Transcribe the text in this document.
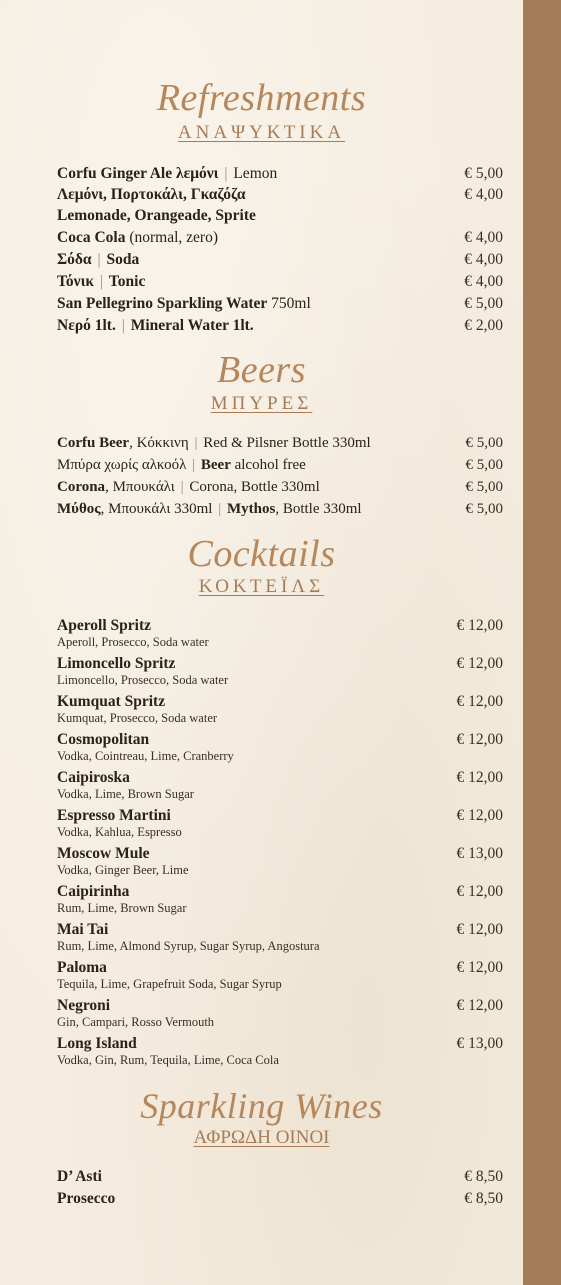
Refreshments
ΑΝΑΨΥΚΤΙΚΑ
Corfu Ginger Ale λεμόνι | Lemon	€ 5,00
Λεμόνι, Πορτοκάλι, Γκαζόζα	€ 4,00
Lemonade, Orangeade, Sprite
Coca Cola (normal, zero)	€ 4,00
Σόδα | Soda	€ 4,00
Τόνικ | Tonic	€ 4,00
San Pellegrino Sparkling Water 750ml	€ 5,00
Νερό 1lt. | Mineral Water 1lt.	€ 2,00
Beers
ΜΠΥΡΕΣ
Corfu Beer, Κόκκινη | Red & Pilsner Bottle 330ml	€ 5,00
Μπύρα χωρίς αλκοόλ | Beer alcohol free	€ 5,00
Corona, Μπουκάλι | Corona, Bottle 330ml	€ 5,00
Μύθος, Μπουκάλι 330ml | Mythos, Bottle 330ml	€ 5,00
Cocktails
ΚΟΚΤΕΪΛΣ
Aperoll Spritz	€ 12,00
Aperoll, Prosecco, Soda water
Limoncello Spritz	€ 12,00
Limoncello, Prosecco, Soda water
Kumquat Spritz	€ 12,00
Kumquat, Prosecco, Soda water
Cosmopolitan	€ 12,00
Vodka, Cointreau, Lime, Cranberry
Caipiroska	€ 12,00
Vodka, Lime, Brown Sugar
Espresso Martini	€ 12,00
Vodka, Kahlua, Espresso
Moscow Mule	€ 13,00
Vodka, Ginger Beer, Lime
Caipirinha	€ 12,00
Rum, Lime, Brown Sugar
Mai Tai	€ 12,00
Rum, Lime, Almond Syrup, Sugar Syrup, Angostura
Paloma	€ 12,00
Tequila, Lime, Grapefruit Soda, Sugar Syrup
Negroni	€ 12,00
Gin, Campari, Rosso Vermouth
Long Island	€ 13,00
Vodka, Gin, Rum, Tequila, Lime, Coca Cola
Sparkling Wines
ΑΦΡΩΔΗ ΟΙΝΟΙ
D’ Asti	€ 8,50
Prosecco	€ 8,50
